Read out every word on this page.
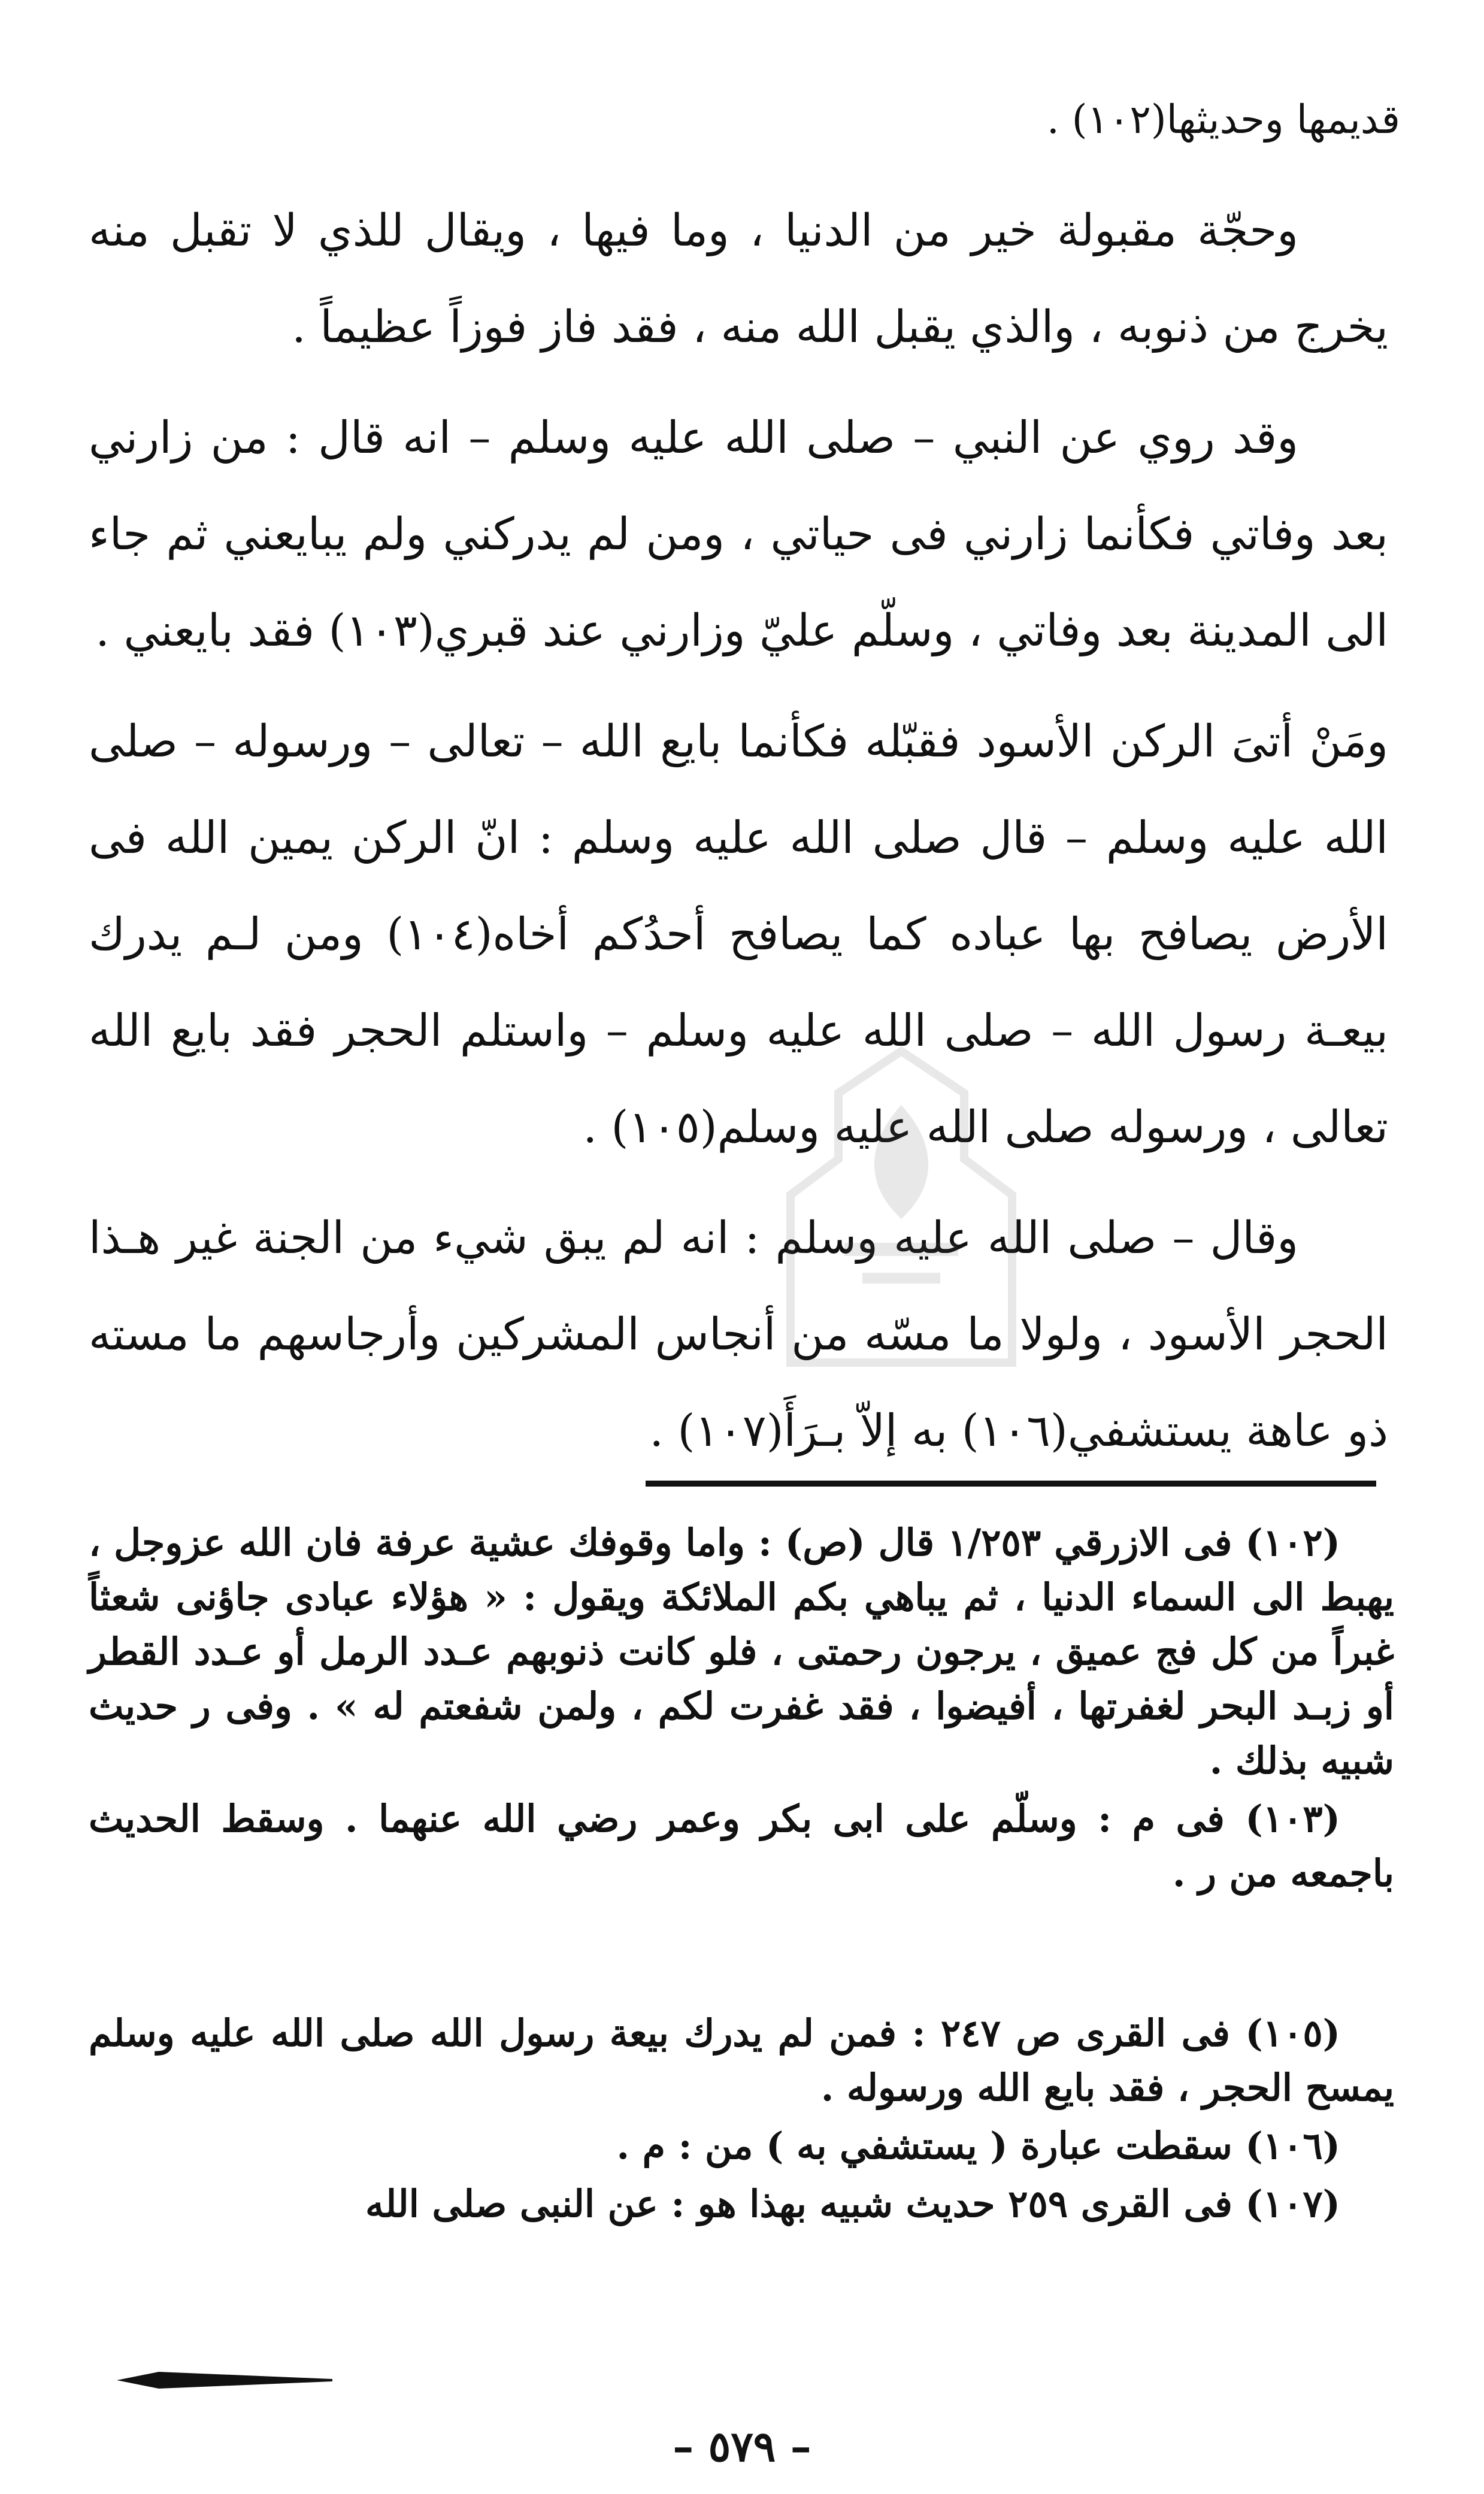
قديمها وحديثها(١٠٢) .

وحجّة مقبولة خير من الدنيا ، وما فيها ، ويقال للذي لا تقبل منه يخرج من ذنوبه ، والذي يقبل الله منه ، فقد فاز فوزاً عظيماً .

وقد روي عن النبي – صلى الله عليه وسلم – انه قال : من زارني بعد وفاتي فكأنما زارني فى حياتي ، ومن لم يدركني ولم يبايعني ثم جاء الى المدينة بعد وفاتي ، وسلّم عليّ وزارني عند قبري(١٠٣) فقد بايعني .

ومَنْ أتىَ الركن الأسود فقبّله فكأنما بايع الله – تعالى – ورسوله – صلى الله عليه وسلم – قال صلى الله عليه وسلم : انّ الركن يمين الله فى الأرض يصافح بها عباده كما يصافح أحدُكم أخاه(١٠٤) ومن لـم يدرك بيعـة رسول الله – صلى الله عليه وسلم – واستلم الحجر فقد بايع الله تعالى ، ورسوله صلى الله عليه وسلم(١٠٥) .

وقال – صلى الله عليه وسلم : انه لم يبق شيء من الجنة غير هـذا الحجر الأسود ، ولولا ما مسّه من أنجاس المشركين وأرجاسهم ما مسته ذو عاهة يستشفي(١٠٦) به إلاّ بـرَأَ(١٠٧) .

(١٠٢) فى الازرقي ١/٢٥٣ قال (ص) : واما وقوفك عشية عرفة فان الله عزوجل ، يهبط الى السماء الدنيا ، ثم يباهي بكم الملائكة ويقول : « هؤلاء عبادى جاؤنى شعثاً غبراً من كل فج عميق ، يرجون رحمتى ، فلو كانت ذنوبهم عـدد الرمل أو عـدد القطر أو زبـد البحر لغفرتها ، أفيضوا ، فقد غفرت لكم ، ولمن شفعتم له » . وفى ر حديث شبيه بذلك .

(١٠٣) فى م : وسلّم على ابى بكر وعمر رضي الله عنهما . وسقط الحديث باجمعه من ر .

(١٠٥) فى القرى ص ٢٤٧ : فمن لم يدرك بيعة رسول الله صلى الله عليه وسلم يمسح الحجر ، فقد بايع الله ورسوله .

(١٠٦) سقطت عبارة ( يستشفي به ) من : م .

(١٠٧) فى القرى ٢٥٩ حديث شبيه بهذا هو : عن النبى صلى الله

– ٥٧٩ –
